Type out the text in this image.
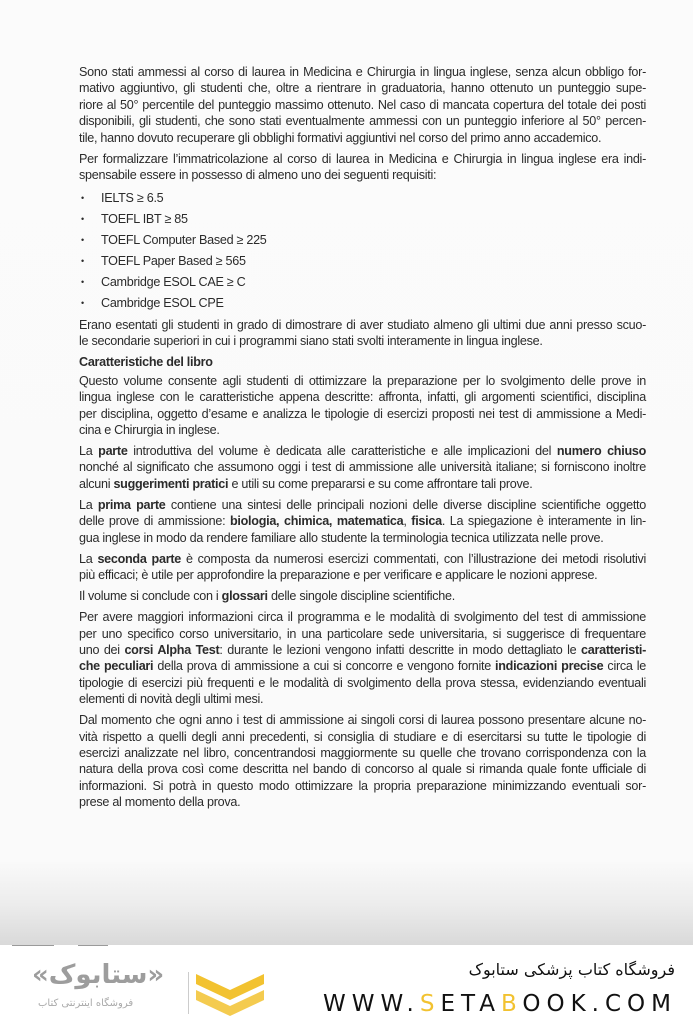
Sono stati ammessi al corso di laurea in Medicina e Chirurgia in lingua inglese, senza alcun obbligo for-
mativo aggiuntivo, gli studenti che, oltre a rientrare in graduatoria, hanno ottenuto un punteggio supe-
riore al 50° percentile del punteggio massimo ottenuto. Nel caso di mancata copertura del totale dei posti
disponibili, gli studenti, che sono stati eventualmente ammessi con un punteggio inferiore al 50° percen-
tile, hanno dovuto recuperare gli obblighi formativi aggiuntivi nel corso del primo anno accademico.
Per formalizzare l’immatricolazione al corso di laurea in Medicina e Chirurgia in lingua inglese era indi-
spensabile essere in possesso di almeno uno dei seguenti requisiti:
•	IELTS ≥ 6.5
•	TOEFL IBT ≥ 85
•	TOEFL Computer Based ≥ 225
•	TOEFL Paper Based ≥ 565
•	Cambridge ESOL CAE ≥ C
•	Cambridge ESOL CPE
Erano esentati gli studenti in grado di dimostrare di aver studiato almeno gli ultimi due anni presso scuo-
le secondarie superiori in cui i programmi siano stati svolti interamente in lingua inglese.
Caratteristiche del libro
Questo volume consente agli studenti di ottimizzare la preparazione per lo svolgimento delle prove in
lingua inglese con le caratteristiche appena descritte: affronta, infatti, gli argomenti scientifici, disciplina
per disciplina, oggetto d’esame e analizza le tipologie di esercizi proposti nei test di ammissione a Medi-
cina e Chirurgia in inglese.
La parte introduttiva del volume è dedicata alle caratteristiche e alle implicazioni del numero chiuso
nonché al significato che assumono oggi i test di ammissione alle università italiane; si forniscono inoltre
alcuni suggerimenti pratici e utili su come prepararsi e su come affrontare tali prove.
La prima parte contiene una sintesi delle principali nozioni delle diverse discipline scientifiche oggetto
delle prove di ammissione: biologia, chimica, matematica, fisica. La spiegazione è interamente in lin-
gua inglese in modo da rendere familiare allo studente la terminologia tecnica utilizzata nelle prove.
La seconda parte è composta da numerosi esercizi commentati, con l’illustrazione dei metodi risolutivi
più efficaci; è utile per approfondire la preparazione e per verificare e applicare le nozioni apprese.
Il volume si conclude con i glossari delle singole discipline scientifiche.
Per avere maggiori informazioni circa il programma e le modalità di svolgimento del test di ammissione
per uno specifico corso universitario, in una particolare sede universitaria, si suggerisce di frequentare
uno dei corsi Alpha Test: durante le lezioni vengono infatti descritte in modo dettagliato le caratteristi-
che peculiari della prova di ammissione a cui si concorre e vengono fornite indicazioni precise circa le
tipologie di esercizi più frequenti e le modalità di svolgimento della prova stessa, evidenziando eventuali
elementi di novità degli ultimi mesi.
Dal momento che ogni anno i test di ammissione ai singoli corsi di laurea possono presentare alcune no-
vità rispetto a quelli degli anni precedenti, si consiglia di studiare e di esercitarsi su tutte le tipologie di
esercizi analizzate nel libro, concentrandosi maggiormente su quelle che trovano corrispondenza con la
natura della prova così come descritta nel bando di concorso al quale si rimanda quale fonte ufficiale di
informazioni. Si potrà in questo modo ottimizzare la propria preparazione minimizzando eventuali sor-
prese al momento della prova.
«ستابوک»
فروشگاه اینترنتی کتاب
فروشگاه کتاب پزشکی ستابوک
WWW.SETABOOK.COM
